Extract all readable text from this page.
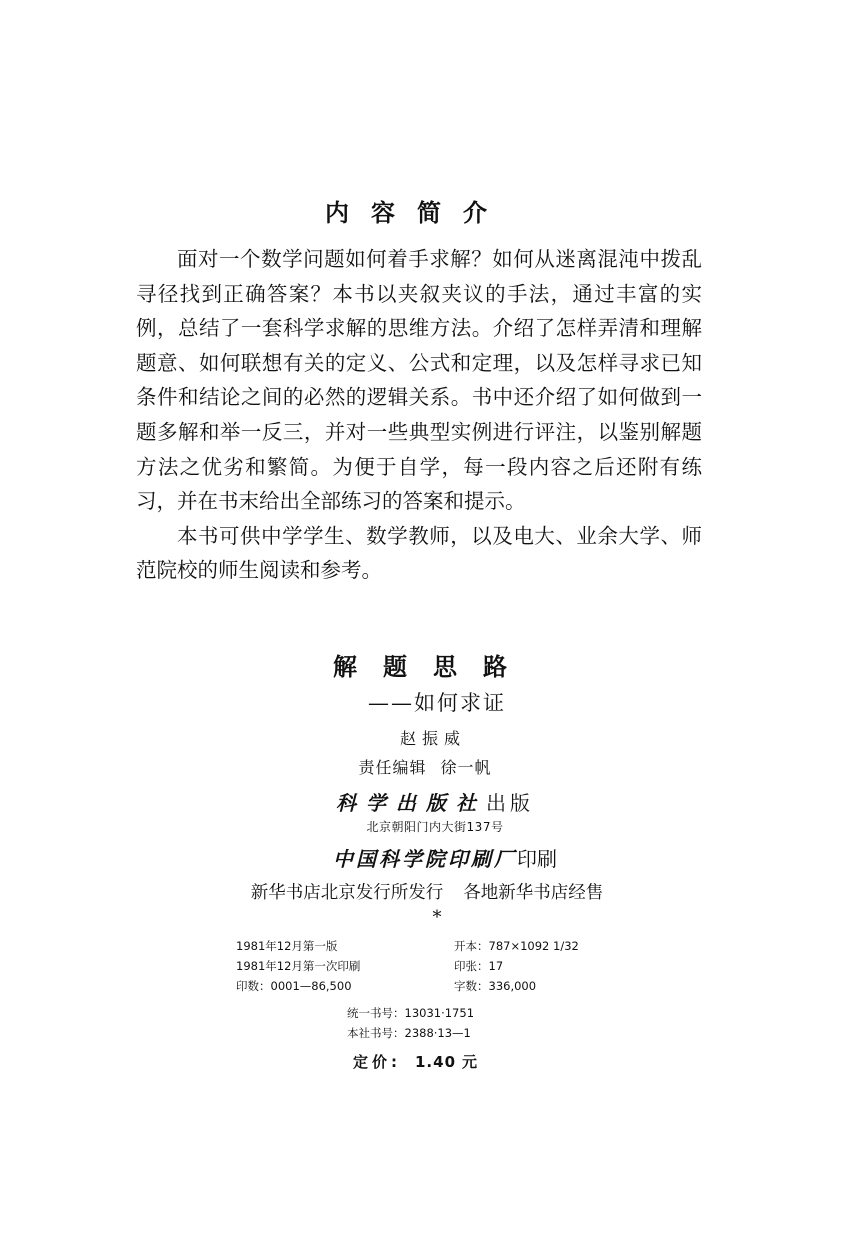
内容简介

面对一个数学问题如何着手求解？如何从迷离混沌中拨乱寻径找到正确答案？本书以夹叙夹议的手法，通过丰富的实例，总结了一套科学求解的思维方法。介绍了怎样弄清和理解题意、如何联想有关的定义、公式和定理，以及怎样寻求已知条件和结论之间的必然的逻辑关系。书中还介绍了如何做到一题多解和举一反三，并对一些典型实例进行评注，以鉴别解题方法之优劣和繁简。为便于自学，每一段内容之后还附有练习，并在书末给出全部练习的答案和提示。

本书可供中学学生、数学教师，以及电大、业余大学、师范院校的师生阅读和参考。

解题思路
——如何求证
赵振威
责任编辑 徐一帆
科学出版社出版
北京朝阳门内大街137号
中国科学院印刷厂印刷
新华书店北京发行所发行 各地新华书店经售
*
1981年12月第一版	开本：787×1092 1/32
1981年12月第一次印刷	印张：17
印数：0001—86,500	字数：336,000
统一书号：13031·1751
本社书号：2388·13—1
定价: 1.40 元
